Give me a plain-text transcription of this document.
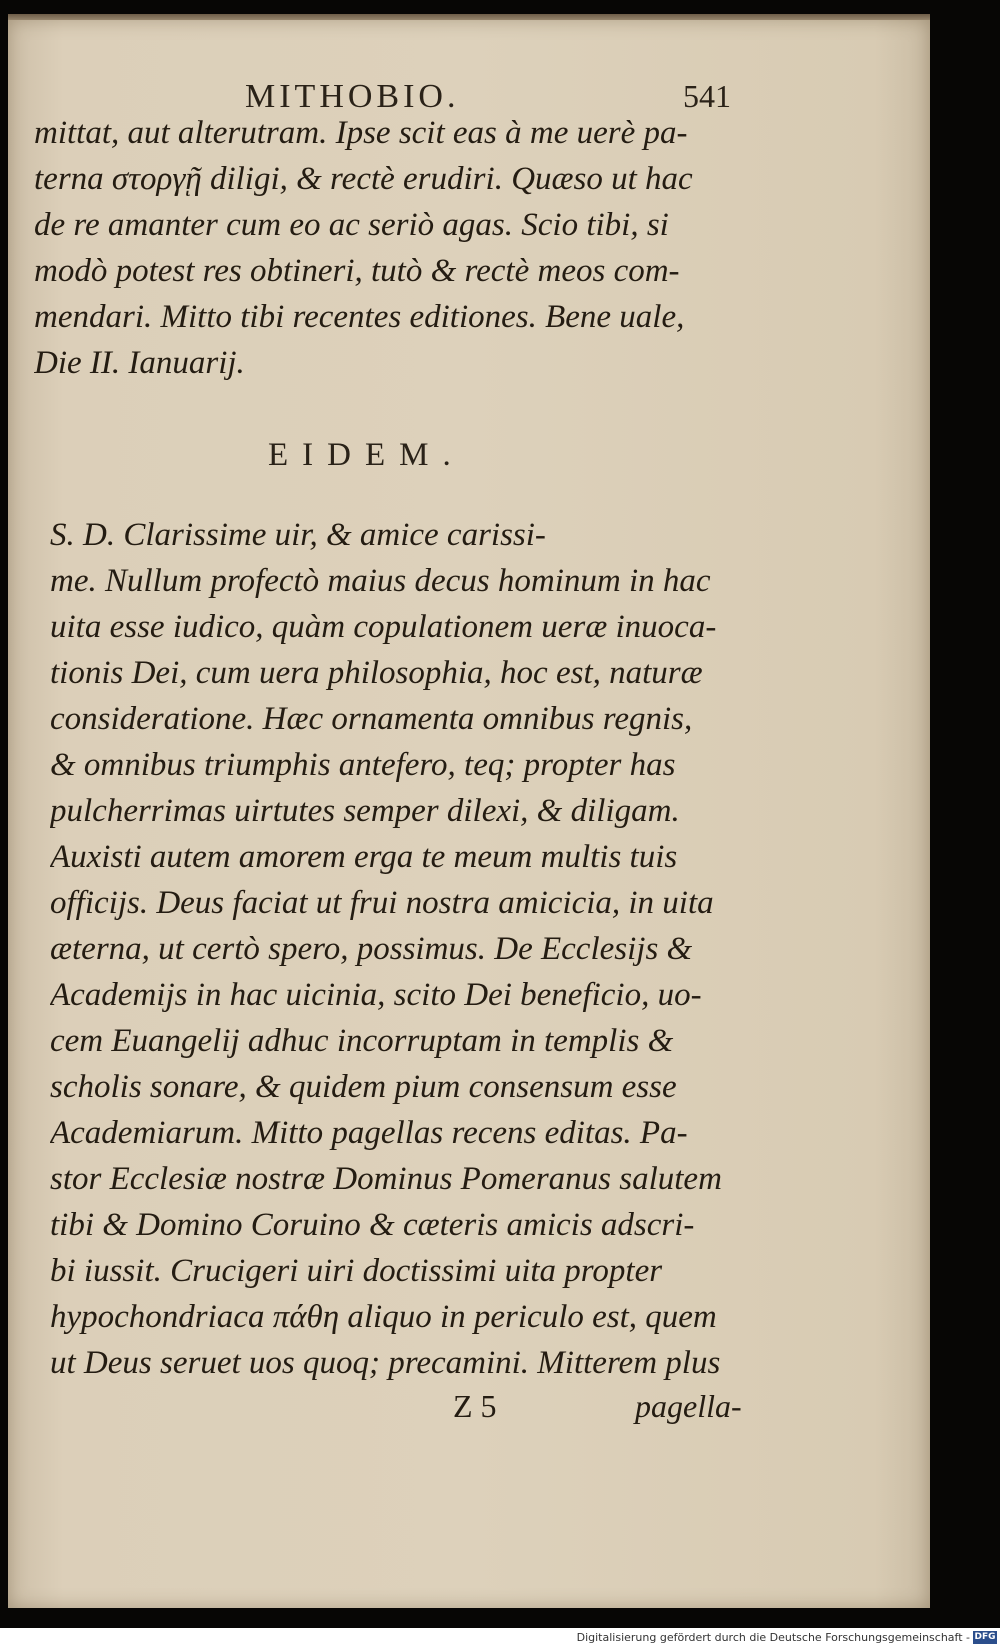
MITHOBIO.	541
mittat, aut alterutram. Ipse scit eas à me uerè pa-
terna στοργῇ diligi, & rectè erudiri. Quæso ut hac
de re amanter cum eo ac seriò agas. Scio tibi, si
modò potest res obtineri, tutò & rectè meos com-
mendari. Mitto tibi recentes editiones. Bene uale,
Die II. Ianuarij.
EIDEM.
S. D. Clarissime uir, & amice carissi-
me. Nullum profectò maius decus hominum in hac
uita esse iudico, quàm copulationem ueræ inuoca-
tionis Dei, cum uera philosophia, hoc est, naturæ
consideratione. Hæc ornamenta omnibus regnis,
& omnibus triumphis antefero, teq; propter has
pulcherrimas uirtutes semper dilexi, & diligam.
Auxisti autem amorem erga te meum multis tuis
officijs. Deus faciat ut frui nostra amicicia, in uita
æterna, ut certò spero, possimus. De Ecclesijs &
Academijs in hac uicinia, scito Dei beneficio, uo-
cem Euangelij adhuc incorruptam in templis &
scholis sonare, & quidem pium consensum esse
Academiarum. Mitto pagellas recens editas. Pa-
stor Ecclesiæ nostræ Dominus Pomeranus salutem
tibi & Domino Coruino & cæteris amicis adscri-
bi iussit. Crucigeri uiri doctissimi uita propter
hypochondriaca πάθη aliquo in periculo est, quem
ut Deus seruet uos quoq; precamini. Mitterem plus
Z 5	pagella-
Digitalisierung gefördert durch die Deutsche Forschungsgemeinschaft - DFG
